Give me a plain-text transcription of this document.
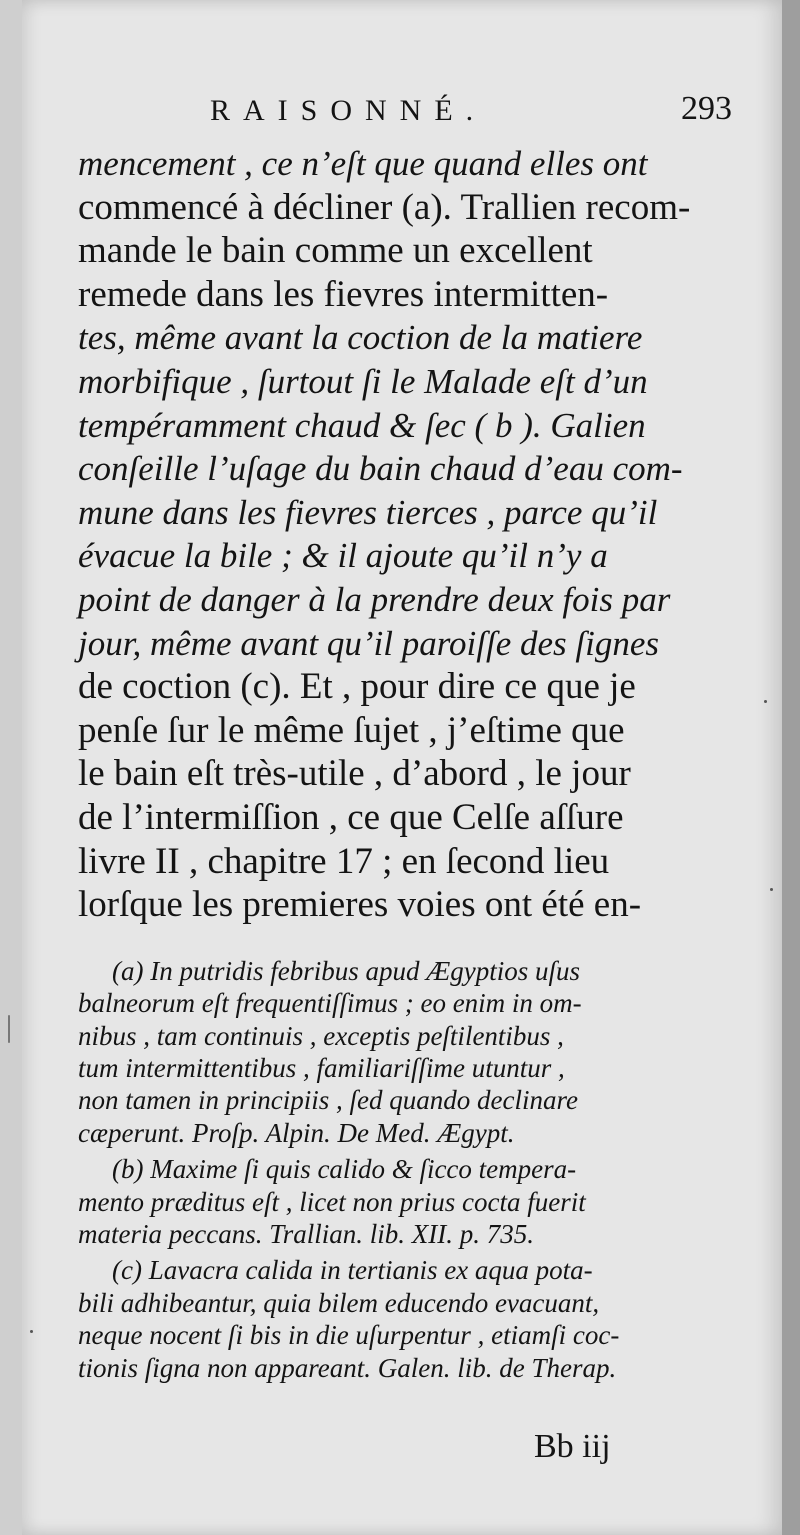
RAISONNÉ.	293

mencement , ce n’eſt que quand elles ont

commencé à décliner (a). Trallien recom-

mande le bain comme un excellent

remede dans les fievres intermitten-

tes, même avant la coction de la matiere

morbifique , ſurtout ſi le Malade eſt d’un

tempéramment chaud & ſec ( b ). Galien

conſeille l’uſage du bain chaud d’eau com-

mune dans les fievres tierces , parce qu’il

évacue la bile ; & il ajoute qu’il n’y a

point de danger à la prendre deux fois par

jour, même avant qu’il paroiſſe des ſignes

de coction (c). Et , pour dire ce que je

penſe ſur le même ſujet , j’eſtime que

le bain eſt très-utile , d’abord , le jour

de l’intermiſſion , ce que Celſe aſſure

livre II , chapitre 17 ; en ſecond lieu

lorſque les premieres voies ont été en-

(a) In putridis febribus apud Ægyptios uſus

balneorum eſt frequentiſſimus ; eo enim in om-

nibus , tam continuis , exceptis peſtilentibus ,

tum intermittentibus , familiariſſime utuntur ,

non tamen in principiis , ſed quando declinare

cæperunt. Proſp. Alpin. De Med. Ægypt.

(b) Maxime ſi quis calido & ſicco tempera-

mento præditus eſt , licet non prius cocta fuerit

materia peccans. Trallian. lib. XII. p. 735.

(c) Lavacra calida in tertianis ex aqua pota-

bili adhibeantur, quia bilem educendo evacuant,

neque nocent ſi bis in die uſurpentur , etiamſi coc-

tionis ſigna non appareant. Galen. lib. de Therap.

Bb iij
